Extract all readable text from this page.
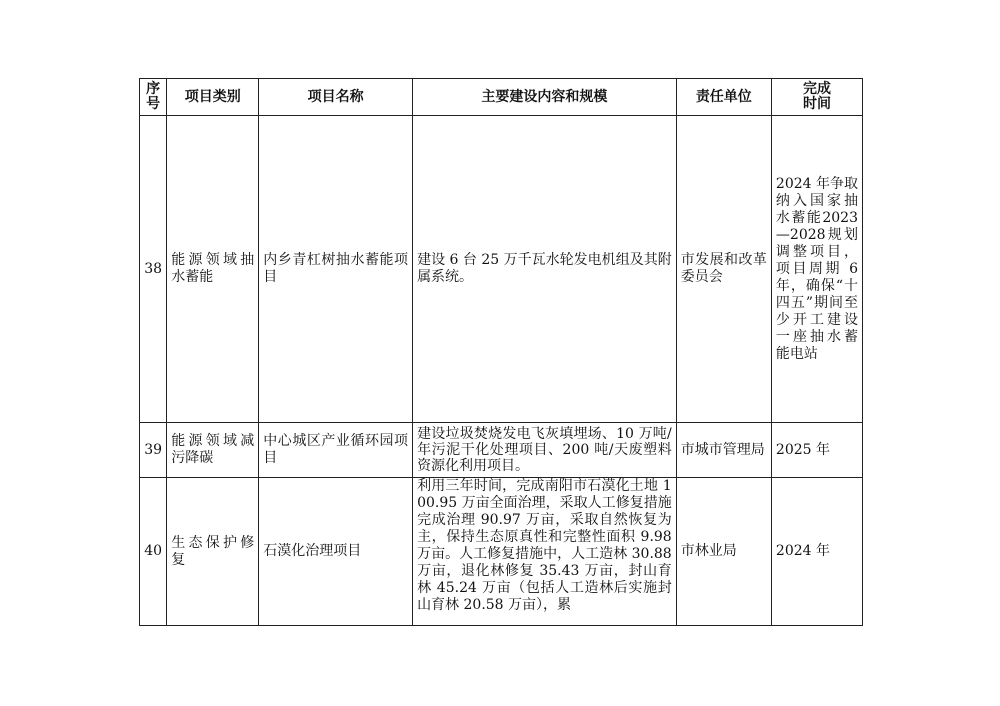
序号	项目类别	项目名称	主要建设内容和规模	责任单位	完成时间

38	能源领域抽水蓄能	内乡青杠树抽水蓄能项目	建设 6 台 25 万千瓦水轮发电机组及其附属系统。	市发展和改革委员会	2024 年争取纳入国家抽水蓄能2023—2028规划调整项目，项目周期 6 年，确保“十四五”期间至少开工建设一座抽水蓄能电站
39	能源领域减污降碳	中心城区产业循环园项目	建设垃圾焚烧发电飞灰填埋场、10 万吨/年污泥干化处理项目、200 吨/天废塑料资源化利用项目。	市城市管理局	2025 年
40	生态保护修复	石漠化治理项目	利用三年时间，完成南阳市石漠化土地 100.95 万亩全面治理，采取人工修复措施完成治理 90.97 万亩，采取自然恢复为主，保持生态原真性和完整性面积 9.98 万亩。人工修复措施中，人工造林 30.88 万亩，退化林修复 35.43 万亩，封山育林 45.24 万亩（包括人工造林后实施封山育林 20.58 万亩），累	市林业局	2024 年
